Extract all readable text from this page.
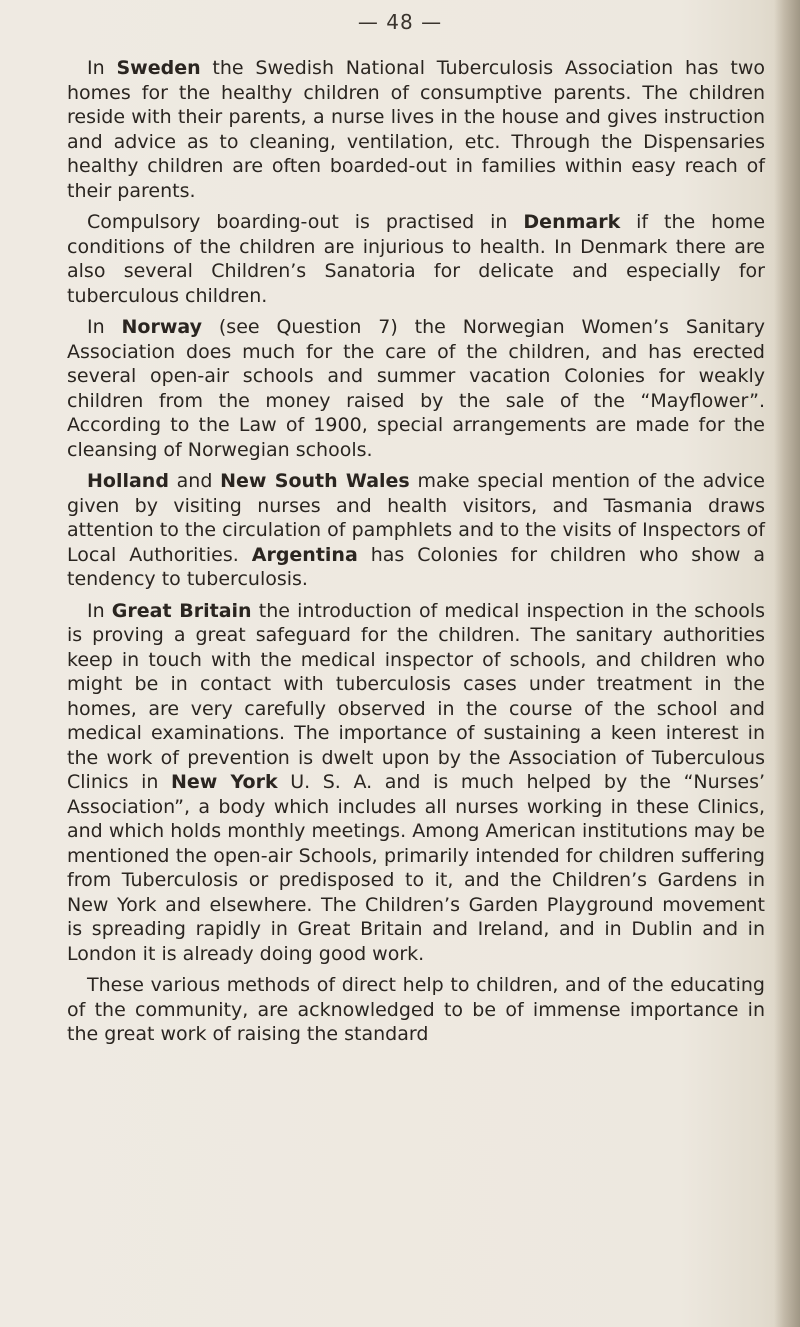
— 48 —

In Sweden the Swedish National Tuberculosis Association has two homes for the healthy children of consumptive parents. The children reside with their parents, a nurse lives in the house and gives instruction and advice as to cleaning, ventilation, etc. Through the Dispensaries healthy children are often boarded-out in families within easy reach of their parents.

Compulsory boarding-out is practised in Denmark if the home conditions of the children are injurious to health. In Denmark there are also several Children’s Sanatoria for delicate and especially for tuberculous children.

In Norway (see Question 7) the Norwegian Women’s Sanitary Association does much for the care of the children, and has erected several open-air schools and summer vacation Colonies for weakly children from the money raised by the sale of the “Mayflower”. According to the Law of 1900, special arrangements are made for the cleansing of Norwegian schools.

Holland and New South Wales make special mention of the advice given by visiting nurses and health visitors, and Tasmania draws attention to the circulation of pamphlets and to the visits of Inspectors of Local Authorities. Argentina has Colonies for children who show a tendency to tuberculosis.

In Great Britain the introduction of medical inspection in the schools is proving a great safeguard for the children. The sanitary authorities keep in touch with the medical inspector of schools, and children who might be in contact with tuberculosis cases under treatment in the homes, are very carefully observed in the course of the school and medical examinations. The importance of sustaining a keen interest in the work of prevention is dwelt upon by the Association of Tuberculous Clinics in New York U. S. A. and is much helped by the “Nurses’ Association”, a body which includes all nurses working in these Clinics, and which holds monthly meetings. Among American institutions may be mentioned the open-air Schools, primarily intended for children suffering from Tuberculosis or predisposed to it, and the Children’s Gardens in New York and elsewhere. The Children’s Garden Playground movement is spreading rapidly in Great Britain and Ireland, and in Dublin and in London it is already doing good work.

These various methods of direct help to children, and of the educating of the community, are acknowledged to be of immense importance in the great work of raising the standard
